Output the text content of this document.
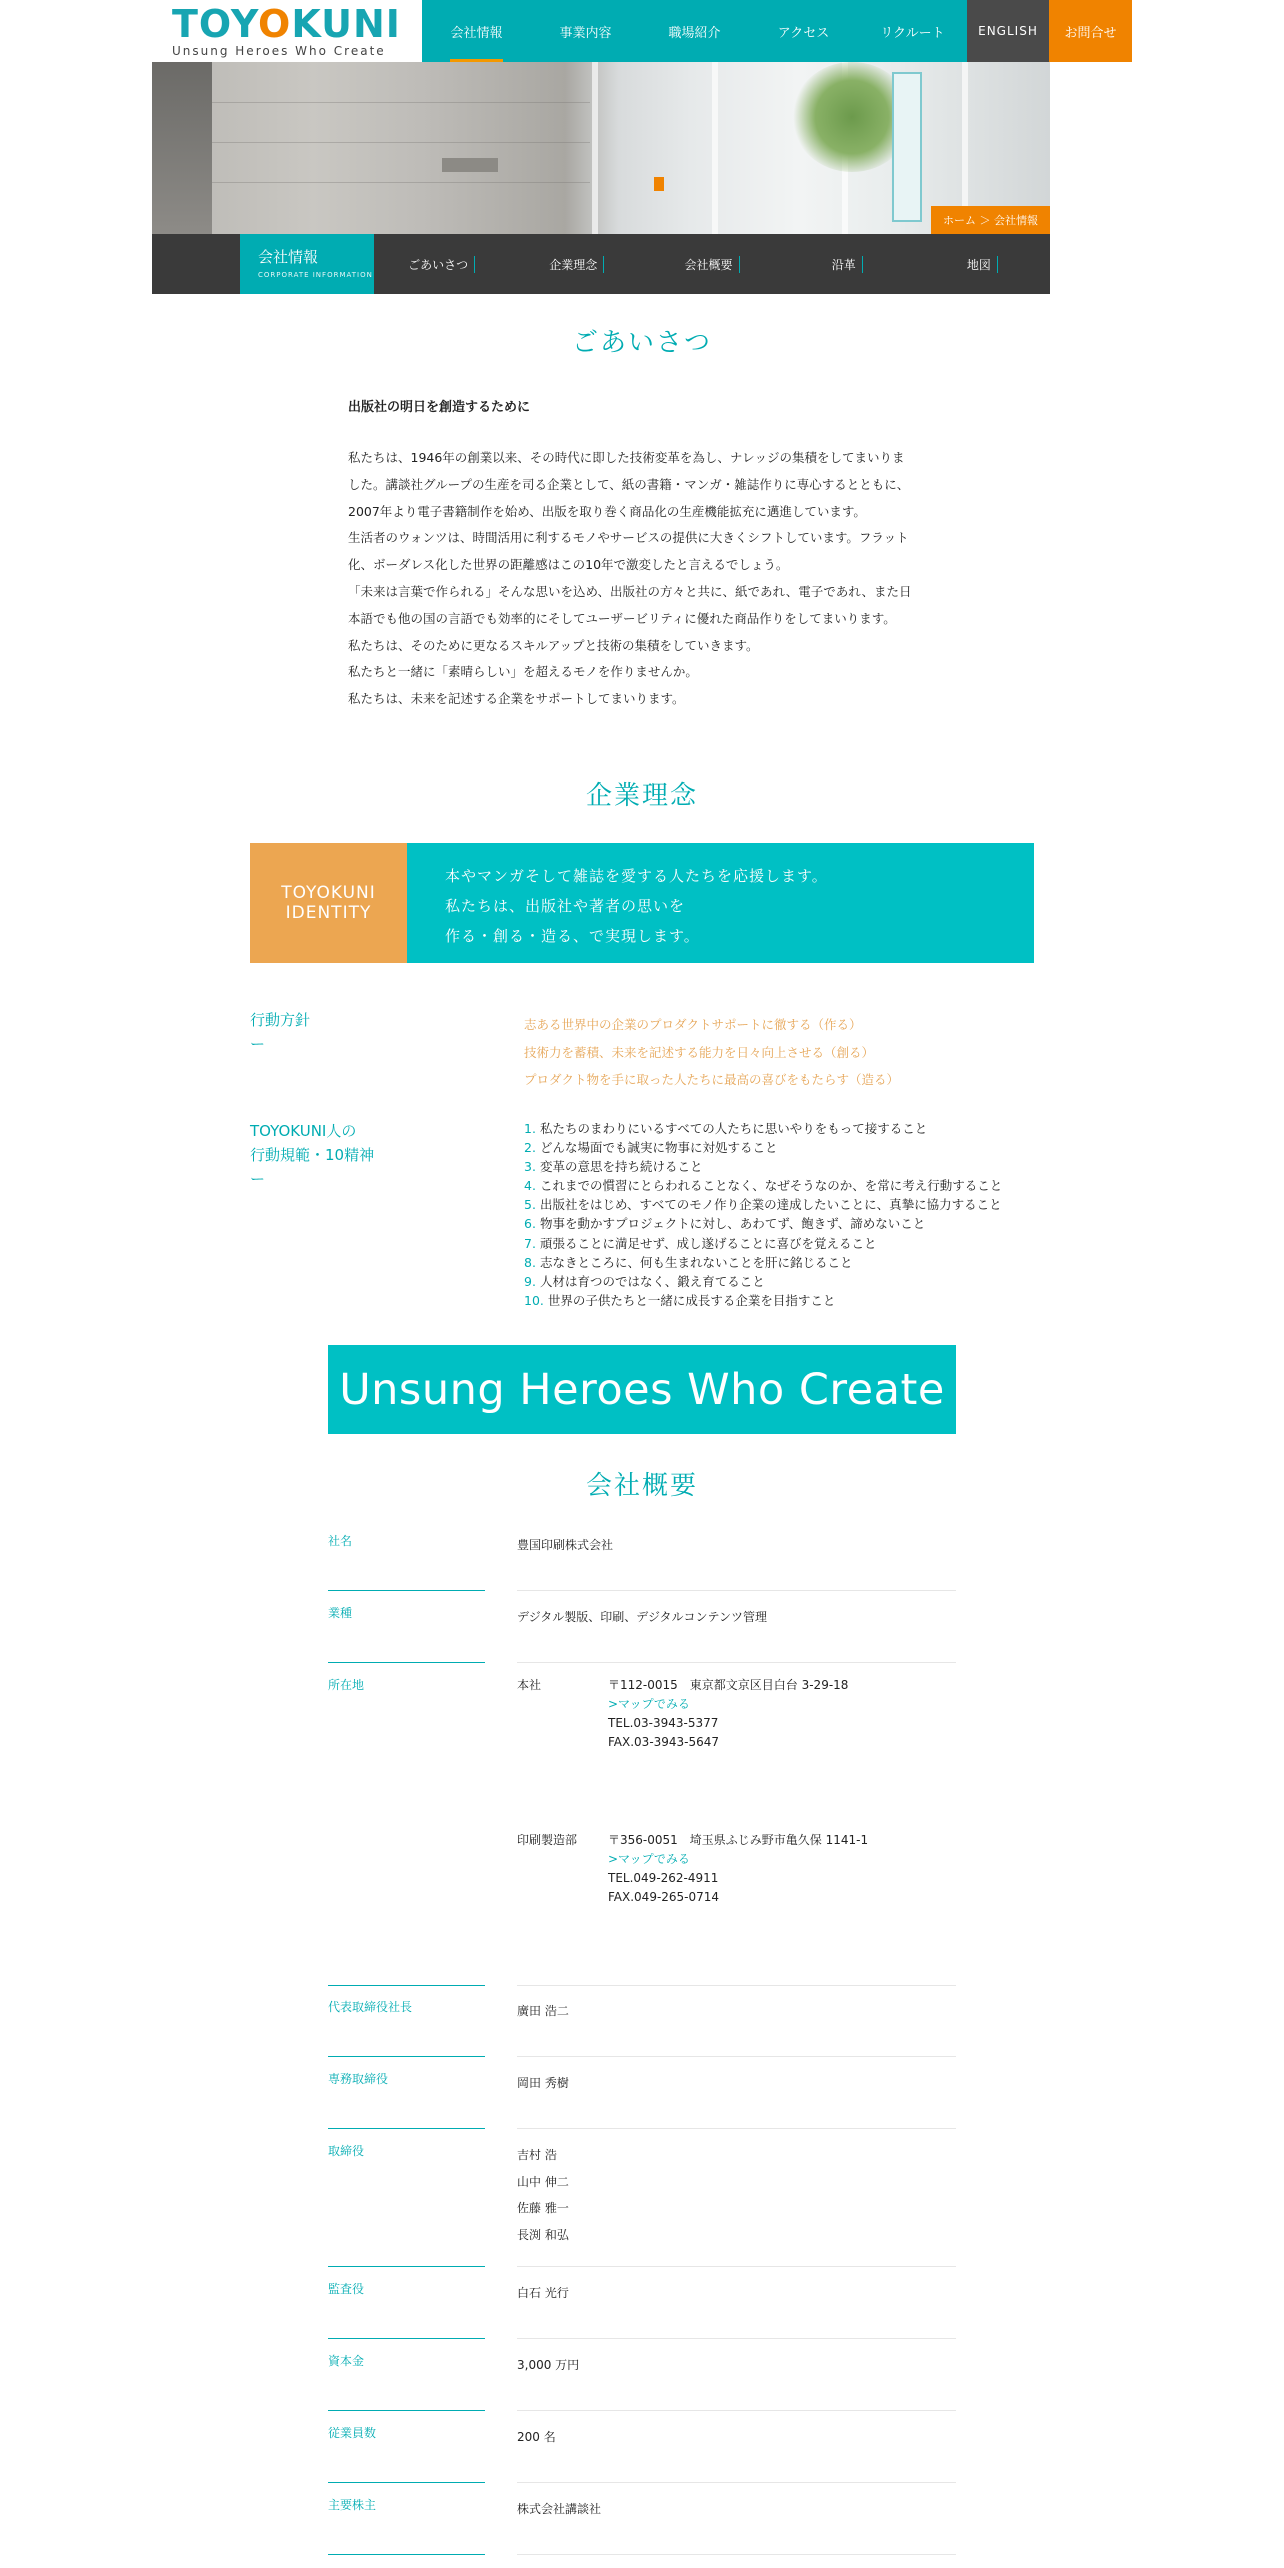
TOYOKUNI
Unsung Heroes Who Create
会社情報	事業内容	職場紹介	アクセス	リクルート	ENGLISH	お問合せ
ホーム ＞ 会社情報
会社情報
CORPORATE INFORMATION
ごあいさつ	企業理念	会社概要	沿革	地図
ごあいさつ
出版社の明日を創造するために

私たちは、1946年の創業以来、その時代に即した技術変革を為し、ナレッジの集積をしてまいりま

した。講談社グループの生産を司る企業として、紙の書籍・マンガ・雑誌作りに専心するとともに、

2007年より電子書籍制作を始め、出版を取り巻く商品化の生産機能拡充に邁進しています。

生活者のウォンツは、時間活用に利するモノやサービスの提供に大きくシフトしています。フラット

化、ボーダレス化した世界の距離感はこの10年で激変したと言えるでしょう。

「未来は言葉で作られる」そんな思いを込め、出版社の方々と共に、紙であれ、電子であれ、また日

本語でも他の国の言語でも効率的にそしてユーザービリティに優れた商品作りをしてまいります。

私たちは、そのために更なるスキルアップと技術の集積をしていきます。

私たちと一緒に「素晴らしい」を超えるモノを作りませんか。

私たちは、未来を記述する企業をサポートしてまいります。

企業理念
TOYOKUNI
IDENTITY
本やマンガそして雑誌を愛する人たちを応援します。
私たちは、出版社や著者の思いを
作る・創る・造る、で実現します。
行動方針
ー
志ある世界中の企業のプロダクトサポートに徹する（作る）
技術力を蓄積、未来を記述する能力を日々向上させる（創る）
プロダクト物を手に取った人たちに最高の喜びをもたらす（造る）
TOYOKUNI人の
行動規範・10精神
ー
1. 私たちのまわりにいるすべての人たちに思いやりをもって接すること
2. どんな場面でも誠実に物事に対処すること
3. 変革の意思を持ち続けること
4. これまでの慣習にとらわれることなく、なぜそうなのか、を常に考え行動すること
5. 出版社をはじめ、すべてのモノ作り企業の達成したいことに、真摯に協力すること
6. 物事を動かすプロジェクトに対し、あわてず、飽きず、諦めないこと
7. 頑張ることに満足せず、成し遂げることに喜びを覚えること
8. 志なきところに、何も生まれないことを肝に銘じること
9. 人材は育つのではなく、鍛え育てること
10. 世界の子供たちと一緒に成長する企業を目指すこと
Unsung Heroes Who Create
会社概要
社名	豊国印刷株式会社
業種	デジタル製版、印刷、デジタルコンテンツ管理
所在地	本社	〒112-0015　東京都文京区目白台 3-29-18
>マップでみる
TEL.03-3943-5377
FAX.03-3943-5647
印刷製造部	〒356-0051　埼玉県ふじみ野市亀久保 1141-1
>マップでみる
TEL.049-262-4911
FAX.049-265-0714
代表取締役社長	廣田 浩二
専務取締役	岡田 秀樹
取締役	吉村 浩
山中 伸二
佐藤 雅一
長渕 和弘
監査役	白石 光行
資本金	3,000 万円
従業員数	200 名
主要株主	株式会社講談社
